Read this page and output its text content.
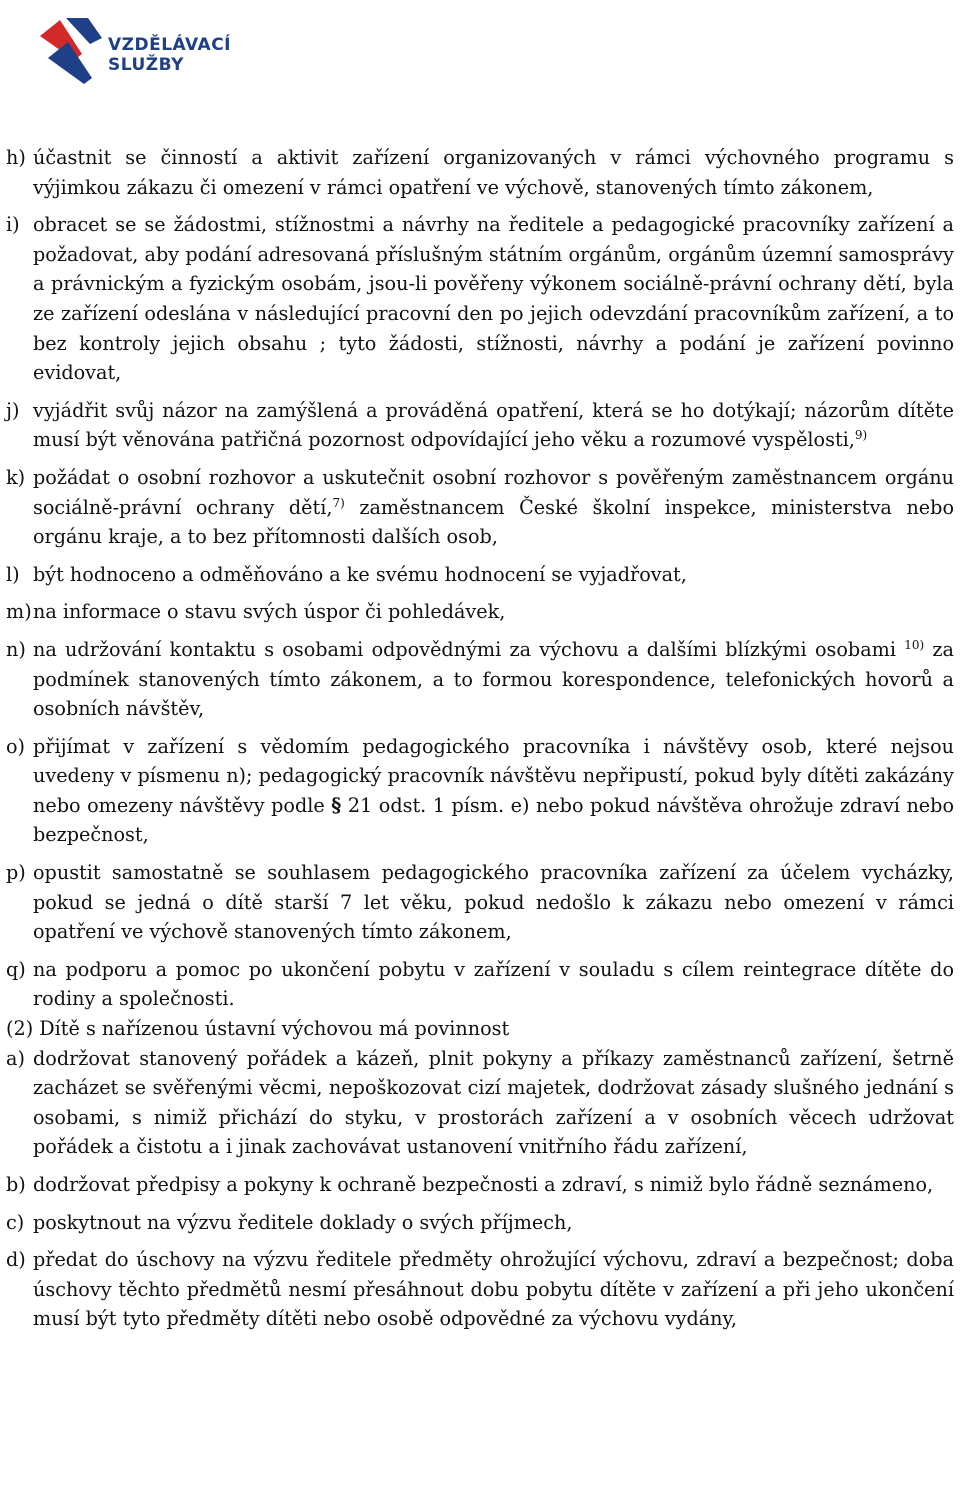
VZDĚLÁVACÍ
SLUŽBY
h) účastnit se činností a aktivit zařízení organizovaných v rámci výchovného programu s výjimkou zákazu či omezení v rámci opatření ve výchově, stanovených tímto zákonem,
i) obracet se se žádostmi, stížnostmi a návrhy na ředitele a pedagogické pracovníky zařízení a požadovat, aby podání adresovaná příslušným státním orgánům, orgánům územní samosprávy a právnickým a fyzickým osobám, jsou-li pověřeny výkonem sociálně-právní ochrany dětí, byla ze zařízení odeslána v následující pracovní den po jejich odevzdání pracovníkům zařízení, a to bez kontroly jejich obsahu ; tyto žádosti, stížnosti, návrhy a podání je zařízení povinno evidovat,
j) vyjádřit svůj názor na zamýšlená a prováděná opatření, která se ho dotýkají; názorům dítěte musí být věnována patřičná pozornost odpovídající jeho věku a rozumové vyspělosti,$^{9)}$
k) požádat o osobní rozhovor a uskutečnit osobní rozhovor s pověřeným zaměstnancem orgánu sociálně-právní ochrany dětí,$^{7)}$ zaměstnancem České školní inspekce, ministerstva nebo orgánu kraje, a to bez přítomnosti dalších osob,
l) být hodnoceno a odměňováno a ke svému hodnocení se vyjadřovat,
m) na informace o stavu svých úspor či pohledávek,
n) na udržování kontaktu s osobami odpovědnými za výchovu a dalšími blízkými osobami $^{10)}$ za podmínek stanovených tímto zákonem, a to formou korespondence, telefonických hovorů a osobních návštěv,
o) přijímat v zařízení s vědomím pedagogického pracovníka i návštěvy osob, které nejsou uvedeny v písmenu n); pedagogický pracovník návštěvu nepřipustí, pokud byly dítěti zakázány nebo omezeny návštěvy podle § 21 odst. 1 písm. e) nebo pokud návštěva ohrožuje zdraví nebo bezpečnost,
p) opustit samostatně se souhlasem pedagogického pracovníka zařízení za účelem vycházky, pokud se jedná o dítě starší 7 let věku, pokud nedošlo k zákazu nebo omezení v rámci opatření ve výchově stanovených tímto zákonem,
q) na podporu a pomoc po ukončení pobytu v zařízení v souladu s cílem reintegrace dítěte do rodiny a společnosti.
(2) Dítě s nařízenou ústavní výchovou má povinnost
a) dodržovat stanovený pořádek a kázeň, plnit pokyny a příkazy zaměstnanců zařízení, šetrně zacházet se svěřenými věcmi, nepoškozovat cizí majetek, dodržovat zásady slušného jednání s osobami, s nimiž přichází do styku, v prostorách zařízení a v osobních věcech udržovat pořádek a čistotu a i jinak zachovávat ustanovení vnitřního řádu zařízení,
b) dodržovat předpisy a pokyny k ochraně bezpečnosti a zdraví, s nimiž bylo řádně seznámeno,
c) poskytnout na výzvu ředitele doklady o svých příjmech,
d) předat do úschovy na výzvu ředitele předměty ohrožující výchovu, zdraví a bezpečnost; doba úschovy těchto předmětů nesmí přesáhnout dobu pobytu dítěte v zařízení a při jeho ukončení musí být tyto předměty dítěti nebo osobě odpovědné za výchovu vydány,
